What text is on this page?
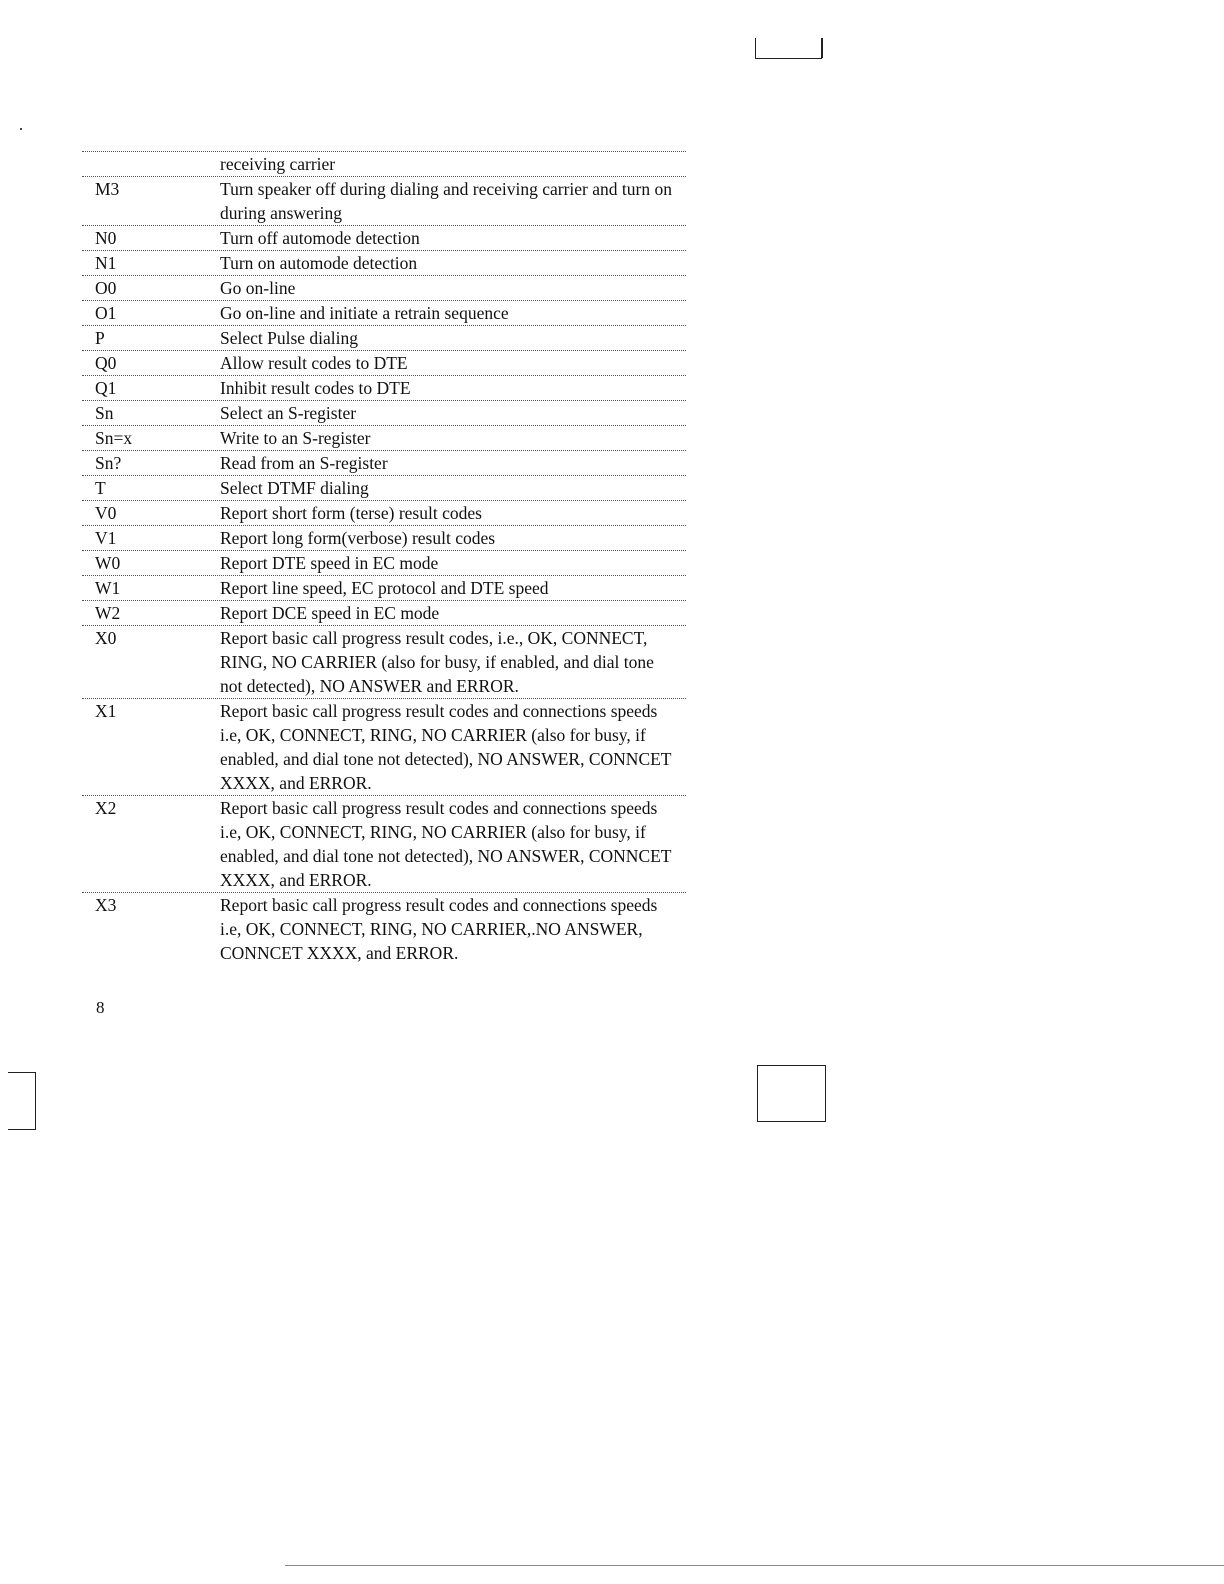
receiving carrier
M3	Turn speaker off during dialing and receiving carrier and turn on during answering
N0	Turn off automode detection
N1	Turn on automode detection
O0	Go on-line
O1	Go on-line and initiate a retrain sequence
P	Select Pulse dialing
Q0	Allow result codes to DTE
Q1	Inhibit result codes to DTE
Sn	Select an S-register
Sn=x	Write to an S-register
Sn?	Read from an S-register
T	Select DTMF dialing
V0	Report short form (terse) result codes
V1	Report long form(verbose) result codes
W0	Report DTE speed in EC mode
W1	Report line speed, EC protocol and DTE speed
W2	Report DCE speed in EC mode
X0	Report basic call progress result codes, i.e., OK, CONNECT, RING, NO CARRIER (also for busy, if enabled, and dial tone not detected), NO ANSWER and ERROR.
X1	Report basic call progress result codes and connections speeds i.e, OK, CONNECT, RING, NO CARRIER (also for busy, if enabled, and dial tone not detected), NO ANSWER, CONNCET XXXX, and ERROR.
X2	Report basic call progress result codes and connections speeds i.e, OK, CONNECT, RING, NO CARRIER (also for busy, if enabled, and dial tone not detected), NO ANSWER, CONNCET XXXX, and ERROR.
X3	Report basic call progress result codes and connections speeds i.e, OK, CONNECT, RING, NO CARRIER,.NO ANSWER, CONNCET XXXX, and ERROR.
8
